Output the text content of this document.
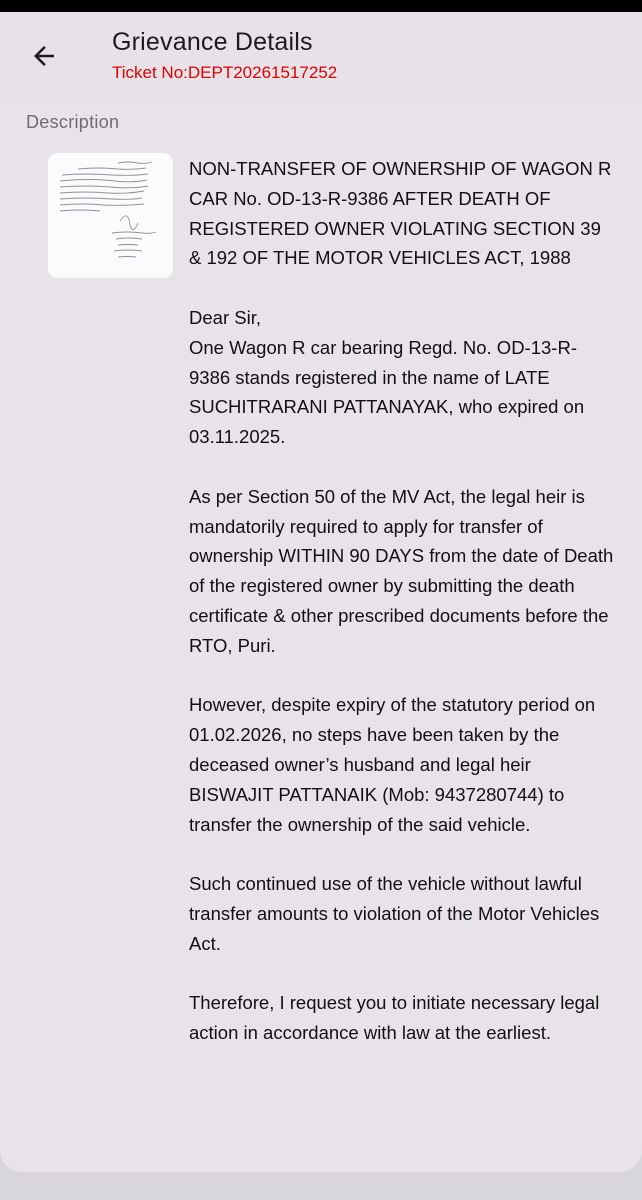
Grievance Details
Ticket No:DEPT20261517252
Description
NON-TRANSFER OF OWNERSHIP OF WAGON R CAR No. OD-13-R-9386 AFTER DEATH OF REGISTERED OWNER VIOLATING SECTION 39 & 192 OF THE MOTOR VEHICLES ACT, 1988

Dear Sir,
One Wagon R car bearing Regd. No. OD-13-R-9386 stands registered in the name of LATE SUCHITRARANI PATTANAYAK, who expired on 03.11.2025.

As per Section 50 of the MV Act, the legal heir is mandatorily required to apply for transfer of ownership WITHIN 90 DAYS from the date of Death of the registered owner by submitting the death certificate & other prescribed documents before the RTO, Puri.

However, despite expiry of the statutory period on 01.02.2026, no steps have been taken by the deceased owner’s husband and legal heir BISWAJIT PATTANAIK (Mob: 9437280744) to transfer the ownership of the said vehicle.

Such continued use of the vehicle without lawful transfer amounts to violation of the Motor Vehicles Act.

Therefore, I request you to initiate necessary legal action in accordance with law at the earliest.
